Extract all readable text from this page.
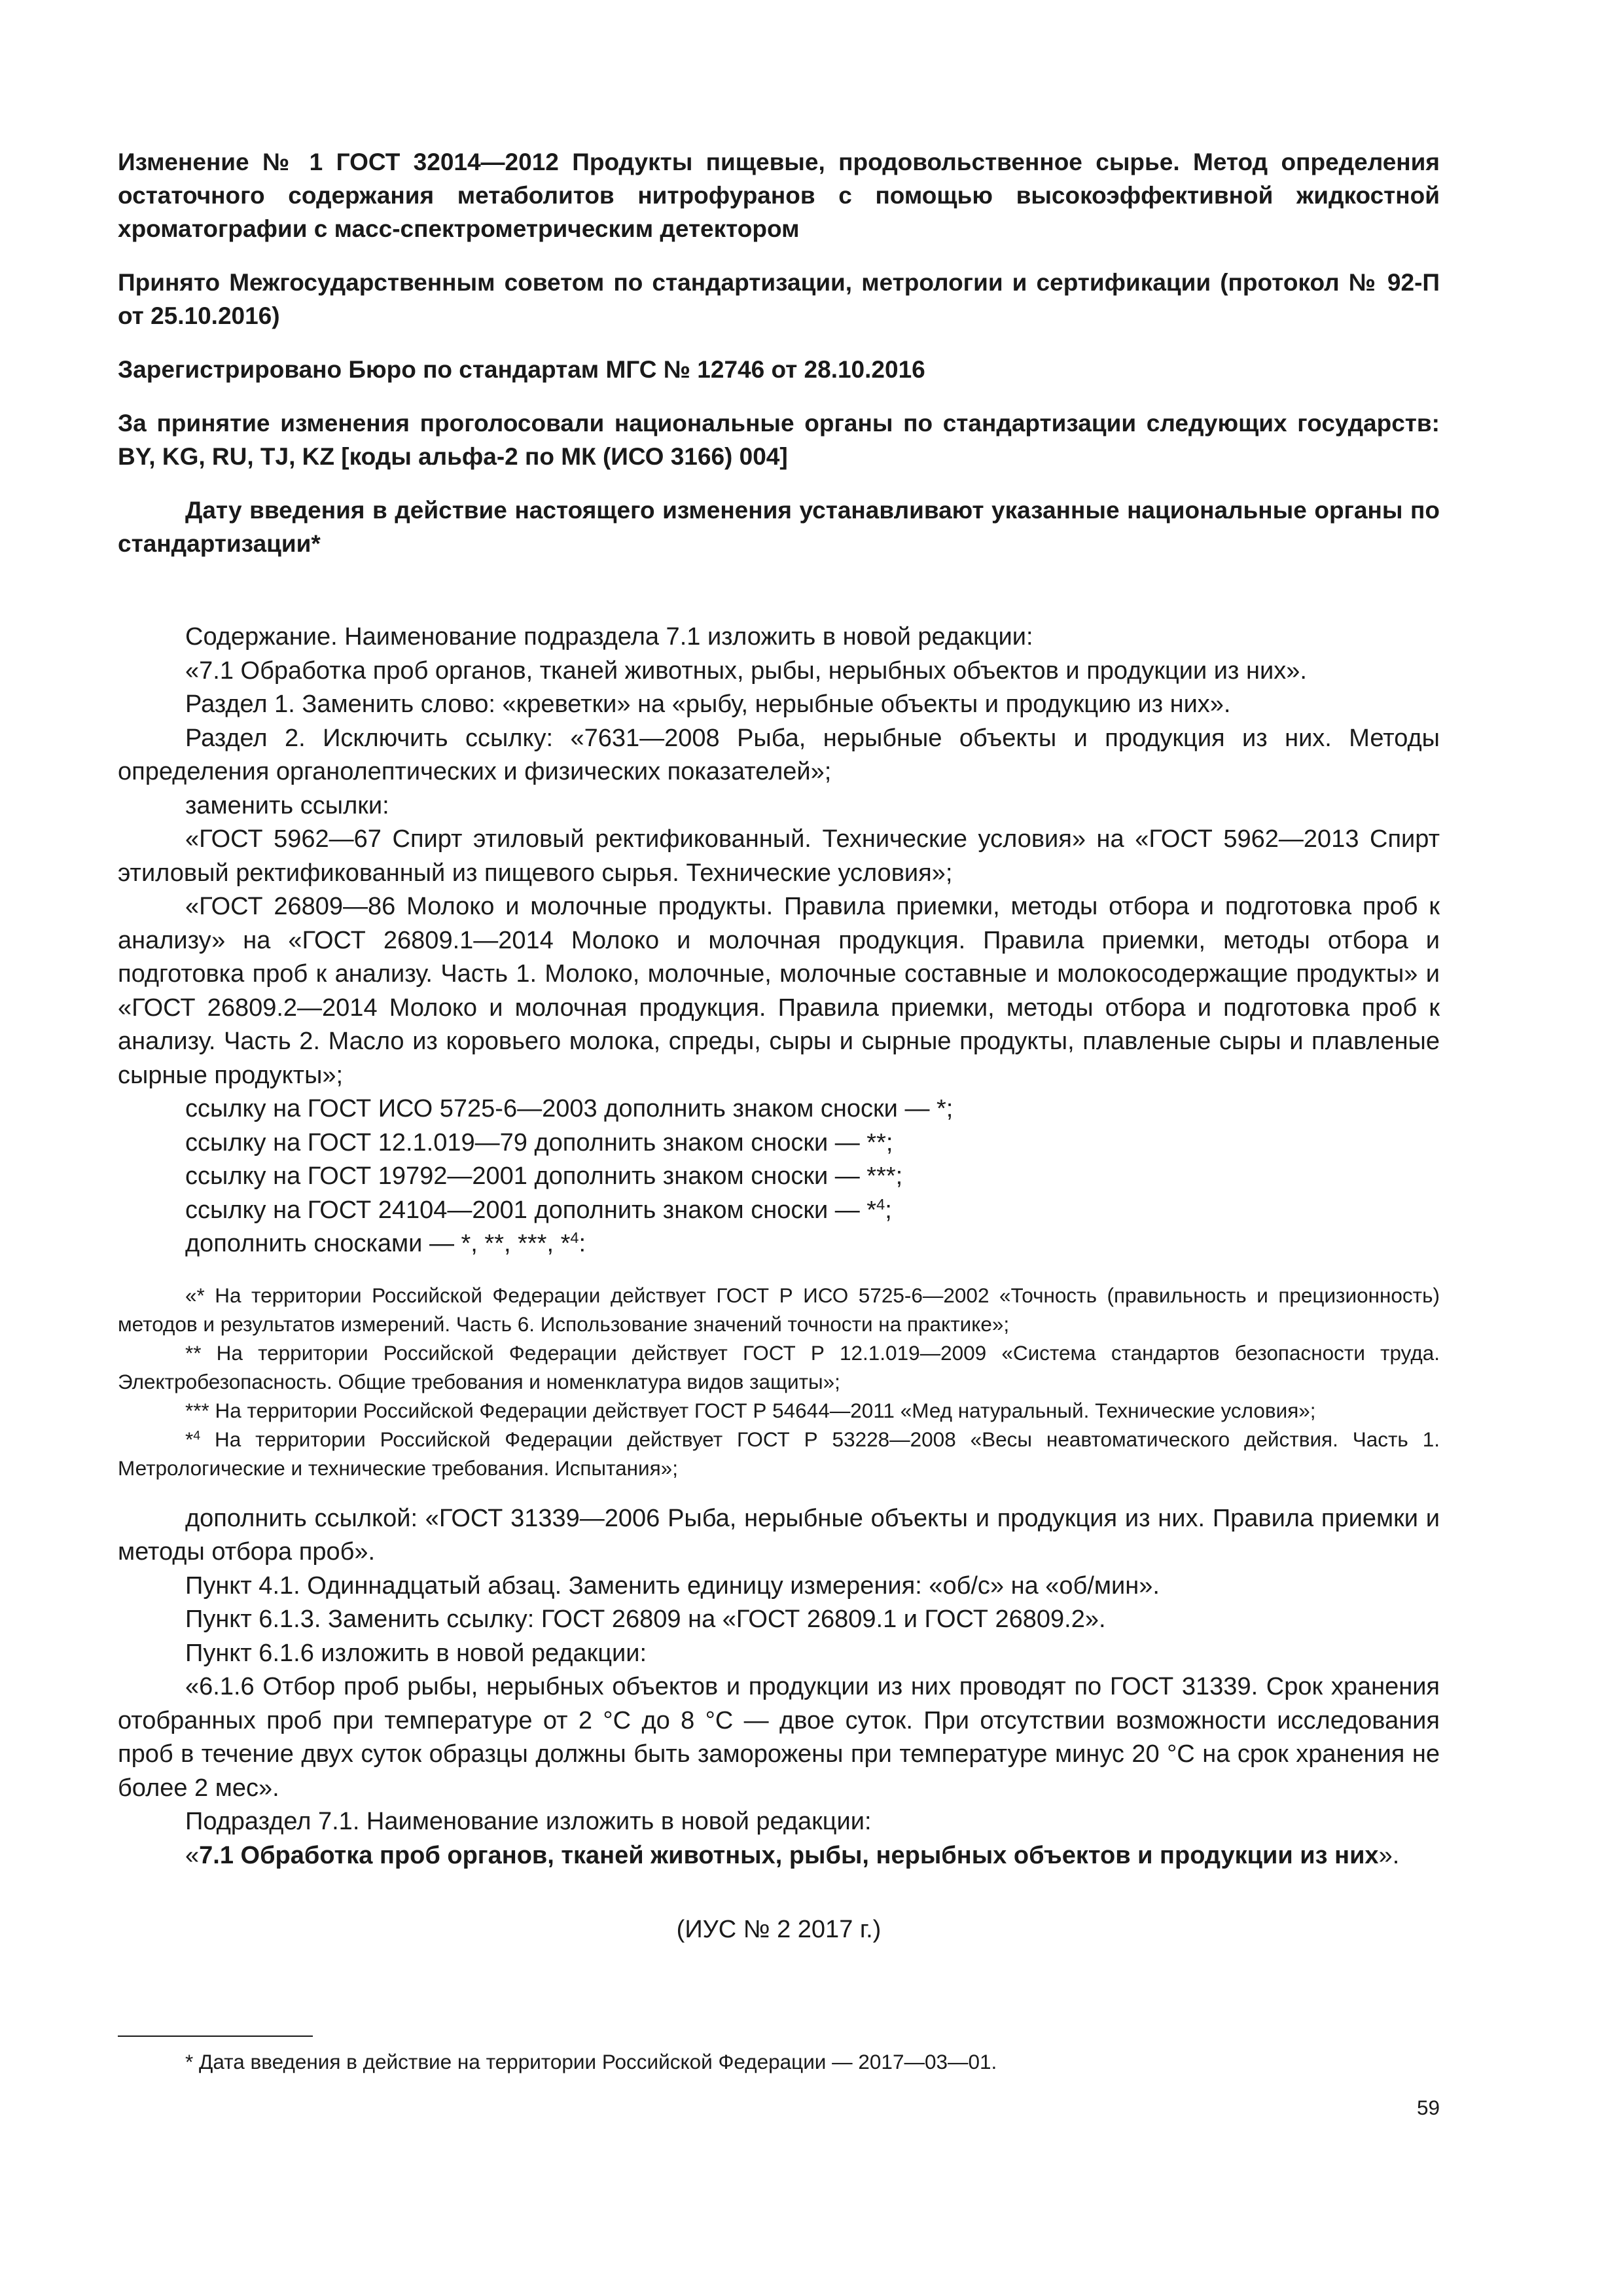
Изменение № 1 ГОСТ 32014—2012 Продукты пищевые, продовольственное сырье. Метод определения остаточного содержания метаболитов нитрофуранов с помощью высокоэффективной жидкостной хроматографии с масс-спектрометрическим детектором

Принято Межгосударственным советом по стандартизации, метрологии и сертификации (протокол № 92-П от 25.10.2016)

Зарегистрировано Бюро по стандартам МГС № 12746 от 28.10.2016

За принятие изменения проголосовали национальные органы по стандартизации следующих государств: BY, KG, RU, TJ, KZ [коды альфа-2 по МК (ИСО 3166) 004]

Дату введения в действие настоящего изменения устанавливают указанные национальные органы по стандартизации*

Содержание. Наименование подраздела 7.1 изложить в новой редакции:

«7.1 Обработка проб органов, тканей животных, рыбы, нерыбных объектов и продукции из них».

Раздел 1. Заменить слово: «креветки» на «рыбу, нерыбные объекты и продукцию из них».

Раздел 2. Исключить ссылку: «7631—2008 Рыба, нерыбные объекты и продукция из них. Методы определения органолептических и физических показателей»;

заменить ссылки:

«ГОСТ 5962—67 Спирт этиловый ректификованный. Технические условия» на «ГОСТ 5962—2013 Спирт этиловый ректификованный из пищевого сырья. Технические условия»;

«ГОСТ 26809—86 Молоко и молочные продукты. Правила приемки, методы отбора и подготовка проб к анализу» на «ГОСТ 26809.1—2014 Молоко и молочная продукция. Правила приемки, методы отбора и подготовка проб к анализу. Часть 1. Молоко, молочные, молочные составные и молокосодержащие продукты» и «ГОСТ 26809.2—2014 Молоко и молочная продукция. Правила приемки, методы отбора и подготовка проб к анализу. Часть 2. Масло из коровьего молока, спреды, сыры и сырные продукты, плавленые сыры и плавленые сырные продукты»;

ссылку на ГОСТ ИСО 5725-6—2003 дополнить знаком сноски — *;

ссылку на ГОСТ 12.1.019—79 дополнить знаком сноски — **;

ссылку на ГОСТ 19792—2001 дополнить знаком сноски — ***;

ссылку на ГОСТ 24104—2001 дополнить знаком сноски — *$^4$;

дополнить сносками — *, **, ***, *$^4$:

«* На территории Российской Федерации действует ГОСТ Р ИСО 5725-6—2002 «Точность (правильность и прецизионность) методов и результатов измерений. Часть 6. Использование значений точности на практике»;

** На территории Российской Федерации действует ГОСТ Р 12.1.019—2009 «Система стандартов безопасности труда. Электробезопасность. Общие требования и номенклатура видов защиты»;

*** На территории Российской Федерации действует ГОСТ Р 54644—2011 «Мед натуральный. Технические условия»;

*$^4$ На территории Российской Федерации действует ГОСТ Р 53228—2008 «Весы неавтоматического действия. Часть 1. Метрологические и технические требования. Испытания»;

дополнить ссылкой: «ГОСТ 31339—2006 Рыба, нерыбные объекты и продукция из них. Правила приемки и методы отбора проб».

Пункт 4.1. Одиннадцатый абзац. Заменить единицу измерения: «об/с» на «об/мин».

Пункт 6.1.3. Заменить ссылку: ГОСТ 26809 на «ГОСТ 26809.1 и ГОСТ 26809.2».

Пункт 6.1.6 изложить в новой редакции:

«6.1.6 Отбор проб рыбы, нерыбных объектов и продукции из них проводят по ГОСТ 31339. Срок хранения отобранных проб при температуре от 2 °С до 8 °С — двое суток. При отсутствии возможности исследования проб в течение двух суток образцы должны быть заморожены при температуре минус 20 °С на срок хранения не более 2 мес».

Подраздел 7.1. Наименование изложить в новой редакции:

«7.1 Обработка проб органов, тканей животных, рыбы, нерыбных объектов и продукции из них».

(ИУС № 2 2017 г.)

* Дата введения в действие на территории Российской Федерации — 2017—03—01.
59
